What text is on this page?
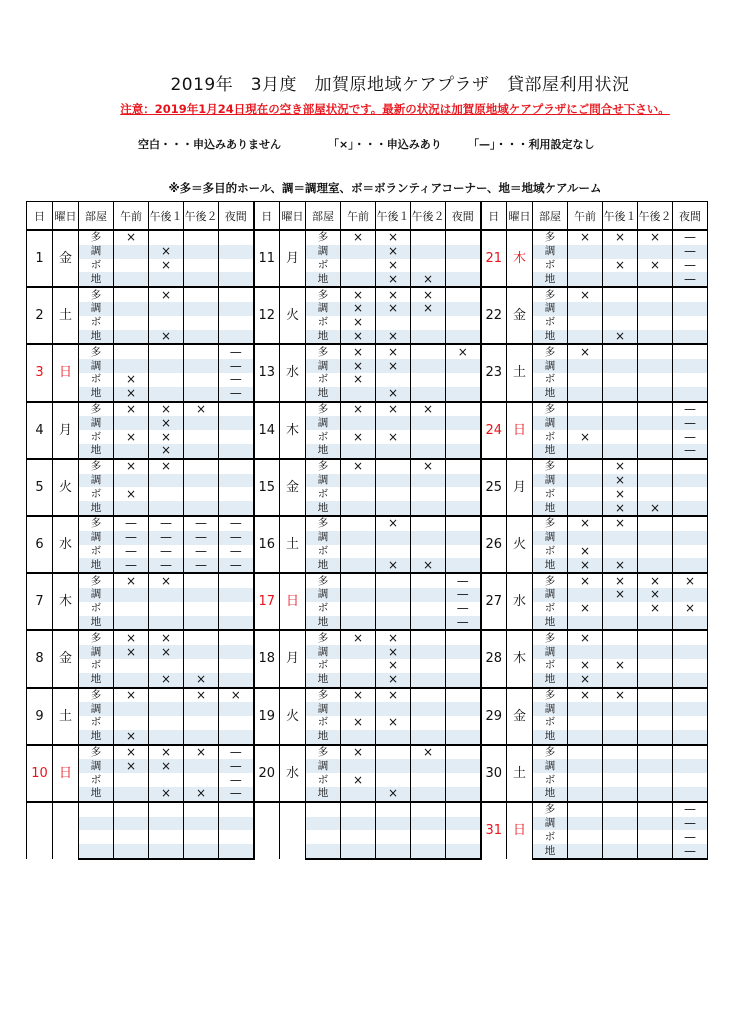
2019年　3月度　加賀原地域ケアプラザ　貸部屋利用状況
注意：2019年1月24日現在の空き部屋状況です。最新の状況は加賀原地域ケアプラザにご問合せ下さい。
空白・・・申込みありません	「×」・・・申込みあり 「—」・・・利用設定なし
※多＝多目的ホール、調＝調理室、ボ＝ボランティアコーナー、地＝地域ケアルーム
日	曜日	部屋	午前	午後１	午後２	夜間	日	曜日	部屋	午前	午後１	午後２	夜間	日	曜日	部屋	午前	午後１	午後２	夜間
1	金	多	×				11	月	多	×	×			21	木	多	×	×	×	—
		調		×					調		×					調				—
		ボ		×					ボ		×					ボ		×	×	—
		地							地		×	×				地				—
2	土	多		×			12	火	多	×	×	×		22	金	多	×			
		調							調	×	×	×				調				
		ボ							ボ	×						ボ				
		地		×					地	×	×					地		×		
3	日	多				—	13	水	多	×	×		×	23	土	多	×			
		調				—			調	×	×					調				
		ボ	×			—			ボ	×						ボ				
		地	×			—			地		×					地				
4	月	多	×	×	×		14	木	多	×	×	×		24	日	多				—
		調		×					調							調				—
		ボ	×	×					ボ	×	×					ボ	×			—
		地		×					地							地				—
5	火	多	×	×			15	金	多	×		×		25	月	多		×		
		調							調							調		×		
		ボ	×						ボ							ボ		×		
		地							地							地		×	×	
6	水	多	—	—	—	—	16	土	多		×			26	火	多	×	×		
		調	—	—	—	—			調							調				
		ボ	—	—	—	—			ボ							ボ	×			
		地	—	—	—	—			地		×	×				地	×	×		
7	木	多	×	×			17	日	多				—	27	水	多	×	×	×	×
		調							調				—			調		×	×	
		ボ							ボ				—			ボ	×		×	×
		地							地				—			地				
8	金	多	×	×			18	月	多	×	×			28	木	多	×			
		調	×	×					調		×					調				
		ボ							ボ		×					ボ	×	×		
		地		×	×				地		×					地	×			
9	土	多	×		×	×	19	火	多	×	×			29	金	多	×	×		
		調							調							調				
		ボ							ボ	×	×					ボ				
		地	×						地							地				
10	日	多	×	×	×	—	20	水	多	×		×		30	土	多				
		調	×	×		—			調							調				
		ボ				—			ボ	×						ボ				
		地		×	×	—			地		×					地				
														31	日	多				—
																調				—
																ボ				—
																地				—
